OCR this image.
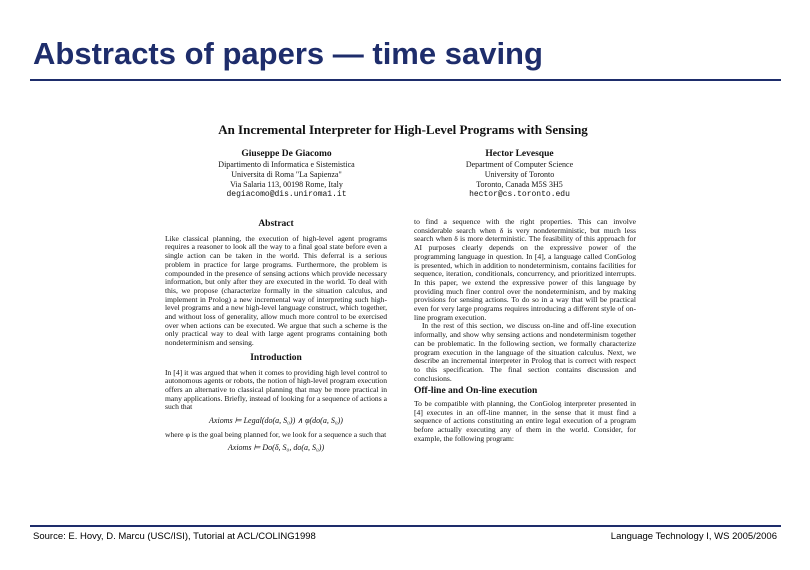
Abstracts of papers — time saving
An Incremental Interpreter for High-Level Programs with Sensing
Giuseppe De Giacomo
Dipartimento di Informatica e Sistemistica
Universita di Roma "La Sapienza"
Via Salaria 113, 00198 Rome, Italy
degiacomo@dis.uniroma1.it
Hector Levesque
Department of Computer Science
University of Toronto
Toronto, Canada M5S 3H5
hector@cs.toronto.edu
Abstract

Like classical planning, the execution of high-level agent programs requires a reasoner to look all the way to a final goal state before even a single action can be taken in the world. This deferral is a serious problem in practice for large programs. Furthermore, the problem is compounded in the presence of sensing actions which provide necessary information, but only after they are executed in the world. To deal with this, we propose (characterize formally in the situation calculus, and implement in Prolog) a new incremental way of interpreting such high-level programs and a new high-level language construct, which together, and without loss of generality, allow much more control to be exercised over when actions can be executed. We argue that such a scheme is the only practical way to deal with large agent programs containing both nondeterminism and sensing.

Introduction

In [4] it was argued that when it comes to providing high level control to autonomous agents or robots, the notion of high-level program execution offers an alternative to classical planning that may be more practical in many applications. Briefly, instead of looking for a sequence of actions a such that

Axioms ⊨ Legal(do(a, S₀)) ∧ φ(do(a, S₀))

where φ is the goal being planned for, we look for a sequence a such that

Axioms ⊨ Do(δ, S₀, do(a, S₀))

to find a sequence with the right properties. This can involve considerable search when δ is very nondeterministic, but much less search when δ is more deterministic. The feasibility of this approach for AI purposes clearly depends on the expressive power of the programming language in question. In [4], a language called ConGolog is presented, which in addition to nondeterminism, contains facilities for sequence, iteration, conditionals, concurrency, and prioritized interrupts. In this paper, we extend the expressive power of this language by providing much finer control over the nondeterminism, and by making provisions for sensing actions. To do so in a way that will be practical even for very large programs requires introducing a different style of on-line program execution.

In the rest of this section, we discuss on-line and off-line execution informally, and show why sensing actions and nondeterminism together can be problematic. In the following section, we formally characterize program execution in the language of the situation calculus. Next, we describe an incremental interpreter in Prolog that is correct with respect to this specification. The final section contains discussion and conclusions.

Off-line and On-line execution

To be compatible with planning, the ConGolog interpreter presented in [4] executes in an off-line manner, in the sense that it must find a sequence of actions constituting an entire legal execution of a program before actually executing any of them in the world. Consider, for example, the following program:

Source: E. Hovy, D. Marcu (USC/ISI), Tutorial at ACL/COLING1998	Language Technology I, WS 2005/2006
